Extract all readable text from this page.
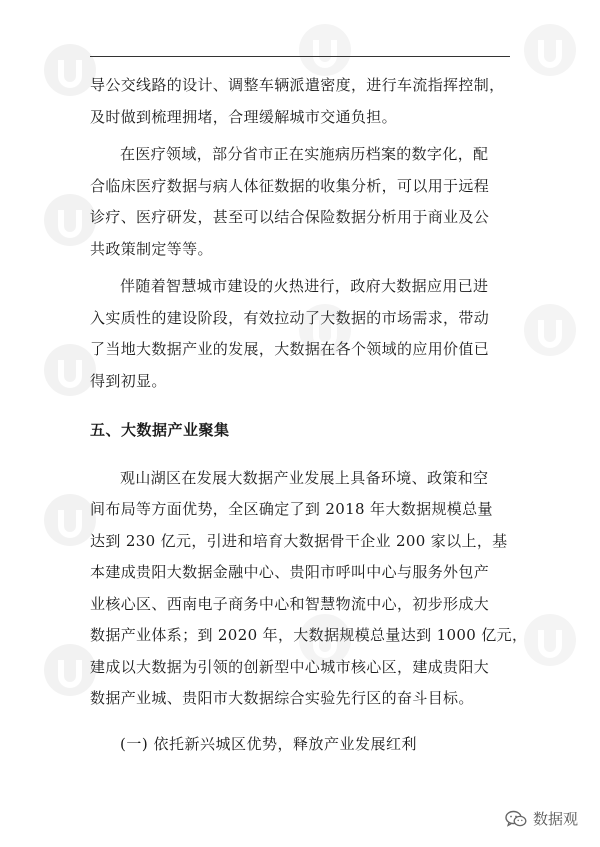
导公交线路的设计、调整车辆派遣密度，进行车流指挥控制，
及时做到梳理拥堵，合理缓解城市交通负担。

在医疗领域，部分省市正在实施病历档案的数字化，配
合临床医疗数据与病人体征数据的收集分析，可以用于远程
诊疗、医疗研发，甚至可以结合保险数据分析用于商业及公
共政策制定等等。

伴随着智慧城市建设的火热进行，政府大数据应用已进
入实质性的建设阶段，有效拉动了大数据的市场需求，带动
了当地大数据产业的发展，大数据在各个领域的应用价值已
得到初显。

五、大数据产业聚集

观山湖区在发展大数据产业发展上具备环境、政策和空
间布局等方面优势，全区确定了到 2018 年大数据规模总量
达到 230 亿元，引进和培育大数据骨干企业 200 家以上，基
本建成贵阳大数据金融中心、贵阳市呼叫中心与服务外包产
业核心区、西南电子商务中心和智慧物流中心，初步形成大
数据产业体系；到 2020 年，大数据规模总量达到 1000 亿元，
建成以大数据为引领的创新型中心城市核心区，建成贵阳大
数据产业城、贵阳市大数据综合实验先行区的奋斗目标。

(一) 依托新兴城区优势，释放产业发展红利
数据观
